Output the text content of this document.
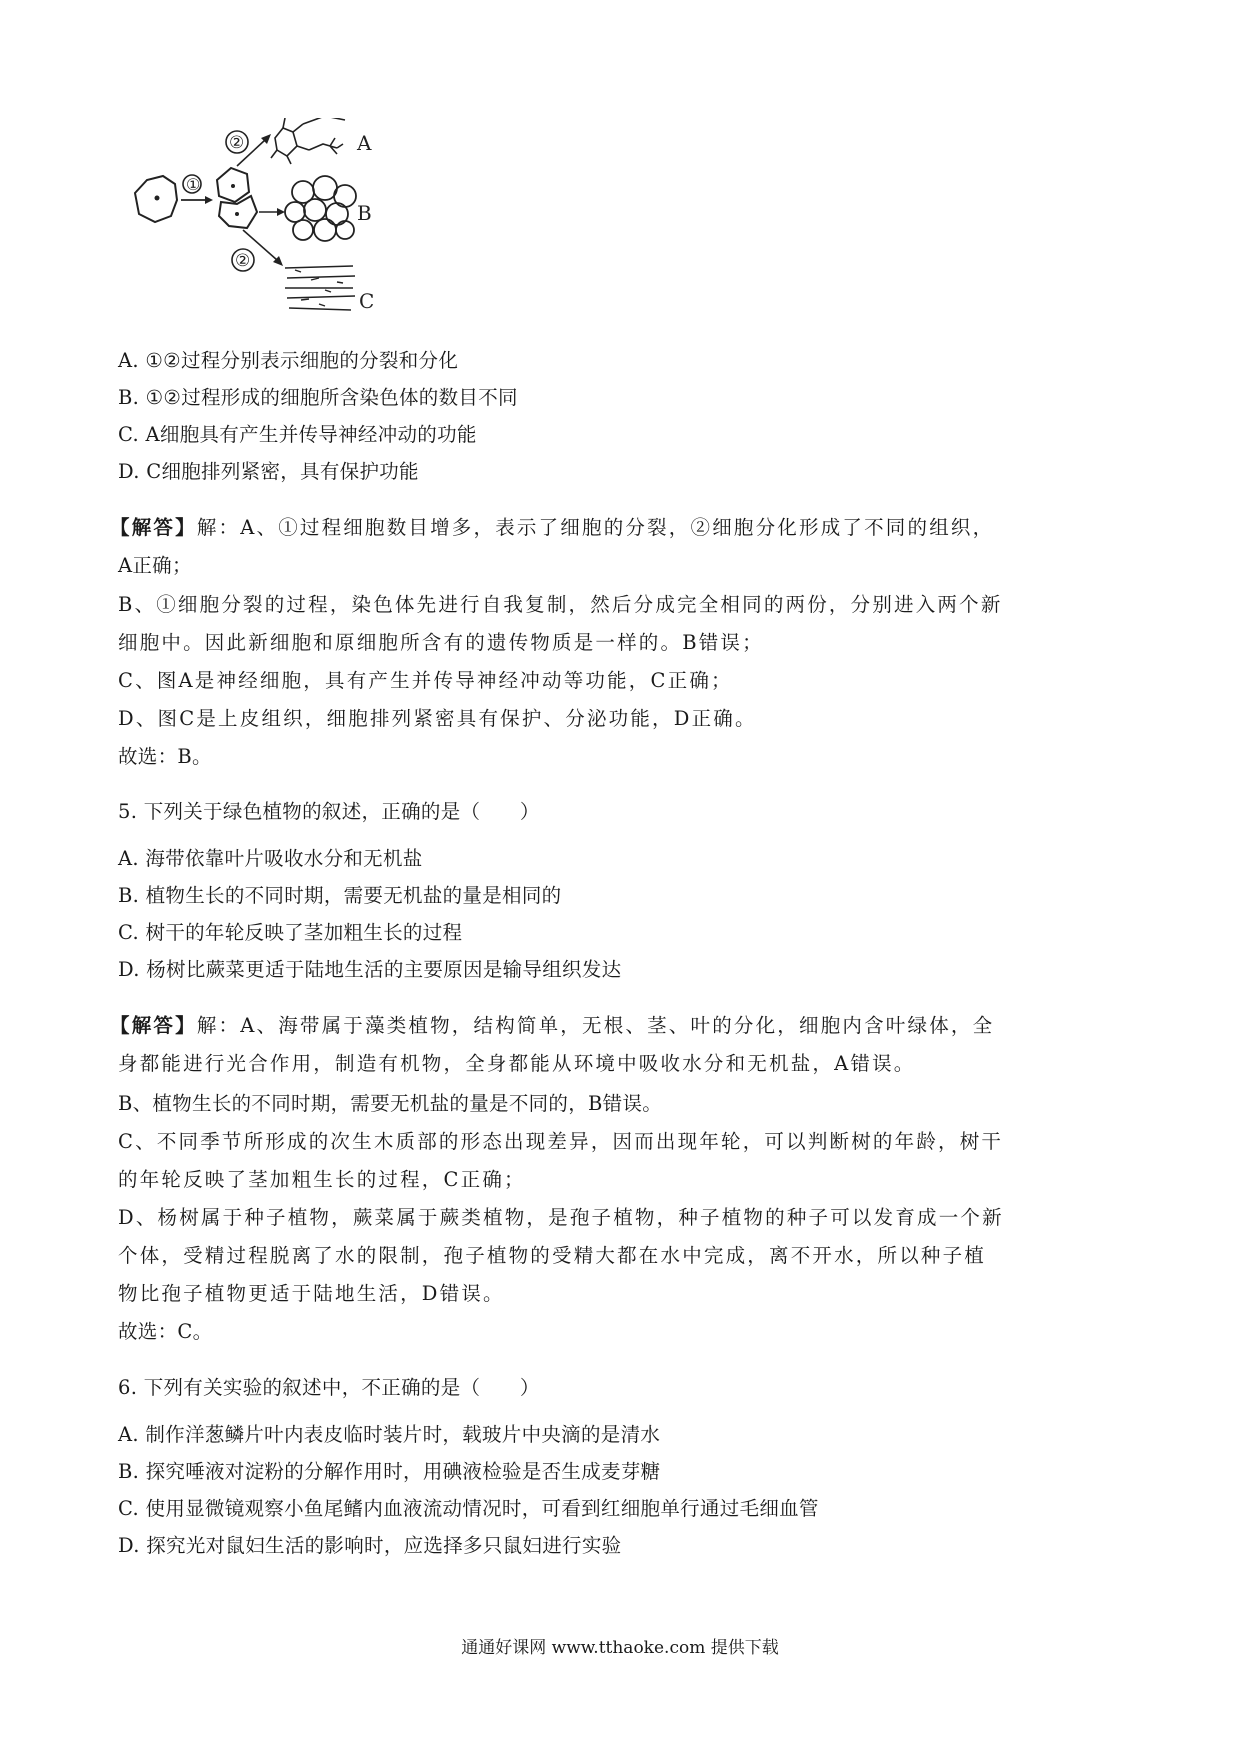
①
②	A
B
②
C
A. ①②过程分别表示细胞的分裂和分化
B. ①②过程形成的细胞所含染色体的数目不同
C. A细胞具有产生并传导神经冲动的功能
D. C细胞排列紧密，具有保护功能
【解答】解：A、①过程细胞数目增多，表示了细胞的分裂，②细胞分化形成了不同的组织，
A正确；
B、①细胞分裂的过程，染色体先进行自我复制，然后分成完全相同的两份，分别进入两个新
细胞中。因此新细胞和原细胞所含有的遗传物质是一样的。B错误；
C、图A是神经细胞，具有产生并传导神经冲动等功能，C正确；
D、图C是上皮组织，细胞排列紧密具有保护、分泌功能，D正确。
故选：B。
5. 下列关于绿色植物的叙述，正确的是（　　）
A. 海带依靠叶片吸收水分和无机盐
B. 植物生长的不同时期，需要无机盐的量是相同的
C. 树干的年轮反映了茎加粗生长的过程
D. 杨树比蕨菜更适于陆地生活的主要原因是输导组织发达
【解答】解：A、海带属于藻类植物，结构简单，无根、茎、叶的分化，细胞内含叶绿体，全
身都能进行光合作用，制造有机物，全身都能从环境中吸收水分和无机盐，A错误。
B、植物生长的不同时期，需要无机盐的量是不同的，B错误。
C、不同季节所形成的次生木质部的形态出现差异，因而出现年轮，可以判断树的年龄，树干
的年轮反映了茎加粗生长的过程，C正确；
D、杨树属于种子植物，蕨菜属于蕨类植物，是孢子植物，种子植物的种子可以发育成一个新
个体，受精过程脱离了水的限制，孢子植物的受精大都在水中完成，离不开水，所以种子植
物比孢子植物更适于陆地生活，D错误。
故选：C。
6. 下列有关实验的叙述中，不正确的是（　　）
A. 制作洋葱鳞片叶内表皮临时装片时，载玻片中央滴的是清水
B. 探究唾液对淀粉的分解作用时，用碘液检验是否生成麦芽糖
C. 使用显微镜观察小鱼尾鳍内血液流动情况时，可看到红细胞单行通过毛细血管
D. 探究光对鼠妇生活的影响时，应选择多只鼠妇进行实验
通通好课网 www.tthaoke.com 提供下载
